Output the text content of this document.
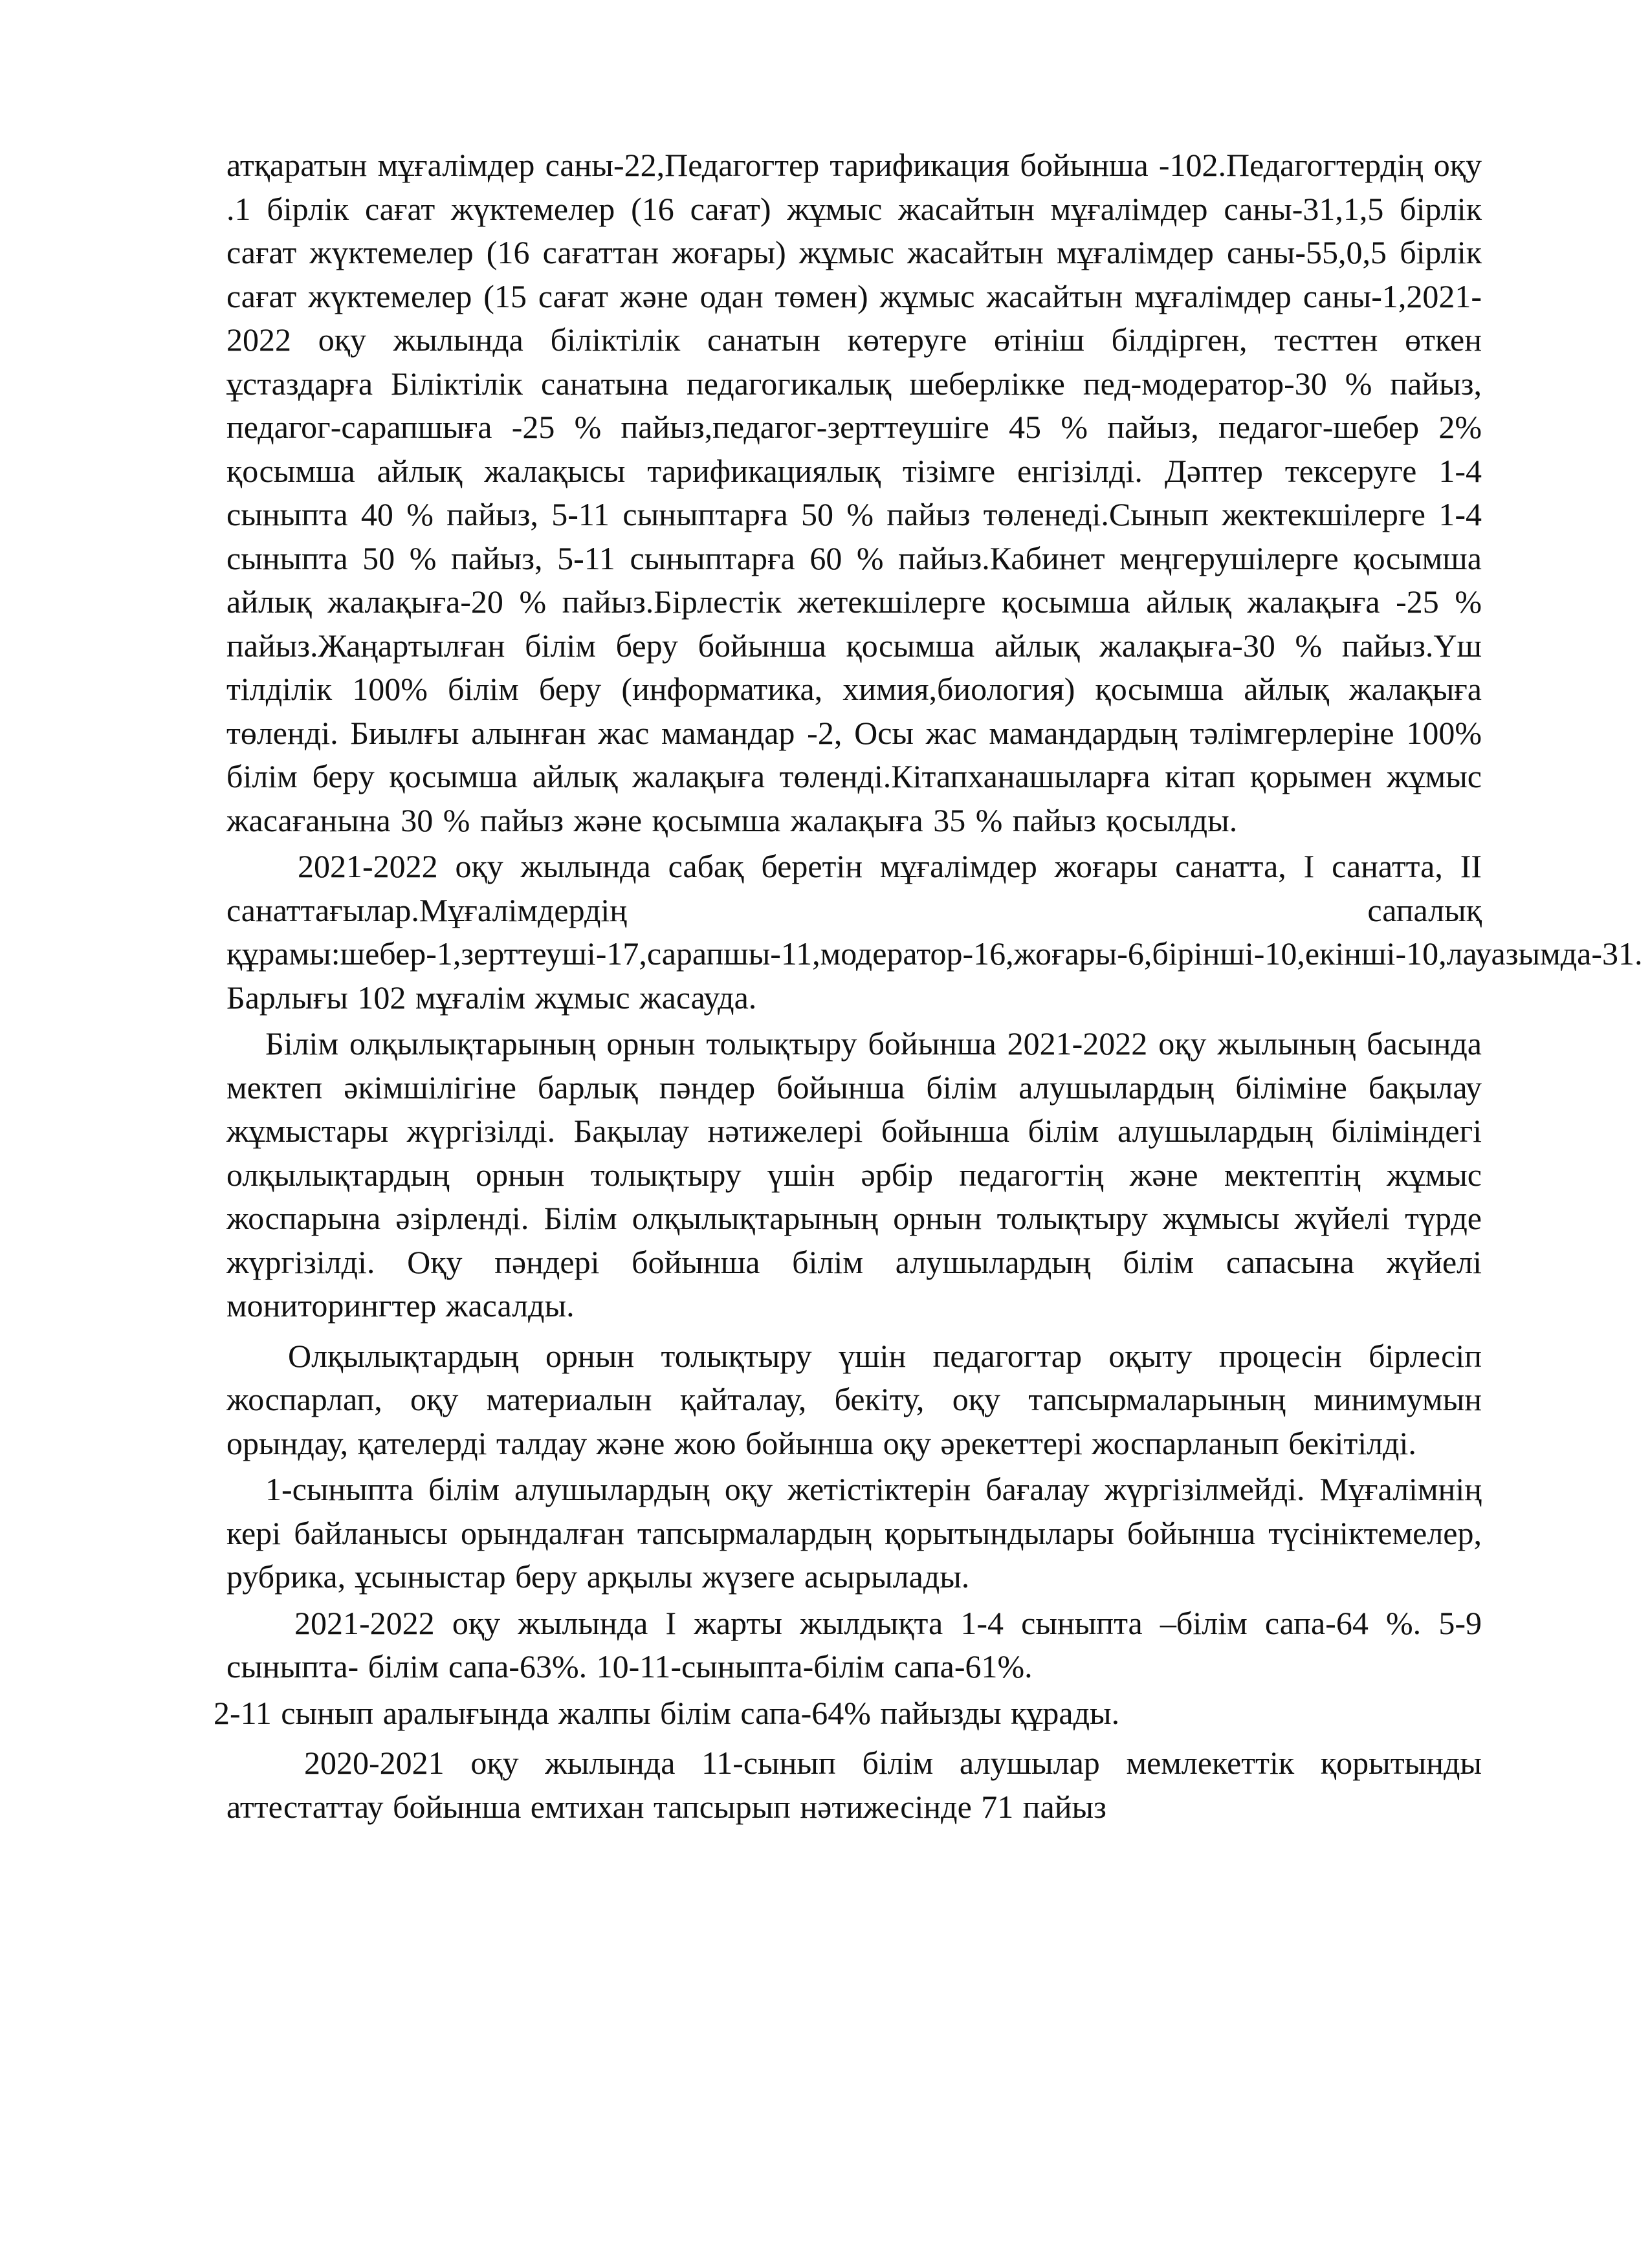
атқаратын мұғалімдер саны-22,Педагогтер тарификация бойынша -102.Педагогтердің оқу .1 бірлік сағат жүктемелер (16 сағат) жұмыс жасайтын мұғалімдер саны-31,1,5 бірлік сағат жүктемелер (16 сағаттан жоғары) жұмыс жасайтын мұғалімдер саны-55,0,5 бірлік сағат жүктемелер (15 сағат және одан төмен) жұмыс жасайтын мұғалімдер саны-1,2021-2022 оқу жылында біліктілік санатын көтеруге өтініш білдірген, тесттен өткен ұстаздарға Біліктілік санатына педагогикалық шеберлікке пед-модератор-30 % пайыз, педагог-сарапшыға -25 % пайыз,педагог-зерттеушіге 45 % пайыз, педагог-шебер 2% қосымша айлық жалақысы тарификациялық тізімге енгізілді. Дәптер тексеруге 1-4 сыныпта 40 % пайыз, 5-11 сыныптарға 50 % пайыз төленеді.Сынып жектекшілерге 1-4 сыныпта 50 % пайыз, 5-11 сыныптарға 60 % пайыз.Кабинет меңгерушілерге қосымша айлық жалақыға-20 % пайыз.Бірлестік жетекшілерге қосымша айлық жалақыға -25 % пайыз.Жаңартылған білім беру бойынша қосымша айлық жалақыға-30 % пайыз.Үш тілділік 100% білім беру (информатика, химия,биология) қосымша айлық жалақыға төленді. Биылғы алынған жас мамандар -2, Осы жас мамандардың тәлімгерлеріне 100% білім беру қосымша айлық жалақыға төленді.Кітапханашыларға кітап қорымен жұмыс жасағанына 30 % пайыз және қосымша жалақыға 35 % пайыз қосылды.

2021-2022 оқу жылында сабақ беретін мұғалімдер жоғары санатта, І санатта, ІІ санаттағылар.Мұғалімдердің сапалық құрамы:шебер-1,зерттеуші-17,сарапшы-11,модератор-16,жоғары-6,бірінші-10,екінші-10,лауазымда-31. Барлығы 102 мұғалім жұмыс жасауда.

Білім олқылықтарының орнын толықтыру бойынша 2021-2022 оқу жылының басында мектеп әкімшілігіне барлық пәндер бойынша білім алушылардың біліміне бақылау жұмыстары жүргізілді. Бақылау нәтижелері бойынша білім алушылардың біліміндегі олқылықтардың орнын толықтыру үшін әрбір педагогтің және мектептің жұмыс жоспарына әзірленді. Білім олқылықтарының орнын толықтыру жұмысы жүйелі түрде жүргізілді. Оқу пәндері бойынша білім алушылардың білім сапасына жүйелі мониторингтер жасалды.

Олқылықтардың орнын толықтыру үшін педагогтар оқыту процесін бірлесіп жоспарлап, оқу материалын қайталау, бекіту, оқу тапсырмаларының минимумын орындау, қателерді талдау және жою бойынша оқу әрекеттері жоспарланып бекітілді.

1-сыныпта білім алушылардың оқу жетістіктерін бағалау жүргізілмейді. Мұғалімнің кері байланысы орындалған тапсырмалардың қорытындылары бойынша түсініктемелер, рубрика, ұсыныстар беру арқылы жүзеге асырылады.

2021-2022 оқу жылында І жарты жылдықта 1-4 сыныпта –білім сапа-64 %. 5-9 сыныпта- білім сапа-63%. 10-11-сыныпта-білім сапа-61%.

2-11 сынып аралығында жалпы білім сапа-64% пайызды құрады.

2020-2021 оқу жылында 11-сынып білім алушылар мемлекеттік қорытынды аттестаттау бойынша емтихан тапсырып нәтижесінде 71 пайыз
